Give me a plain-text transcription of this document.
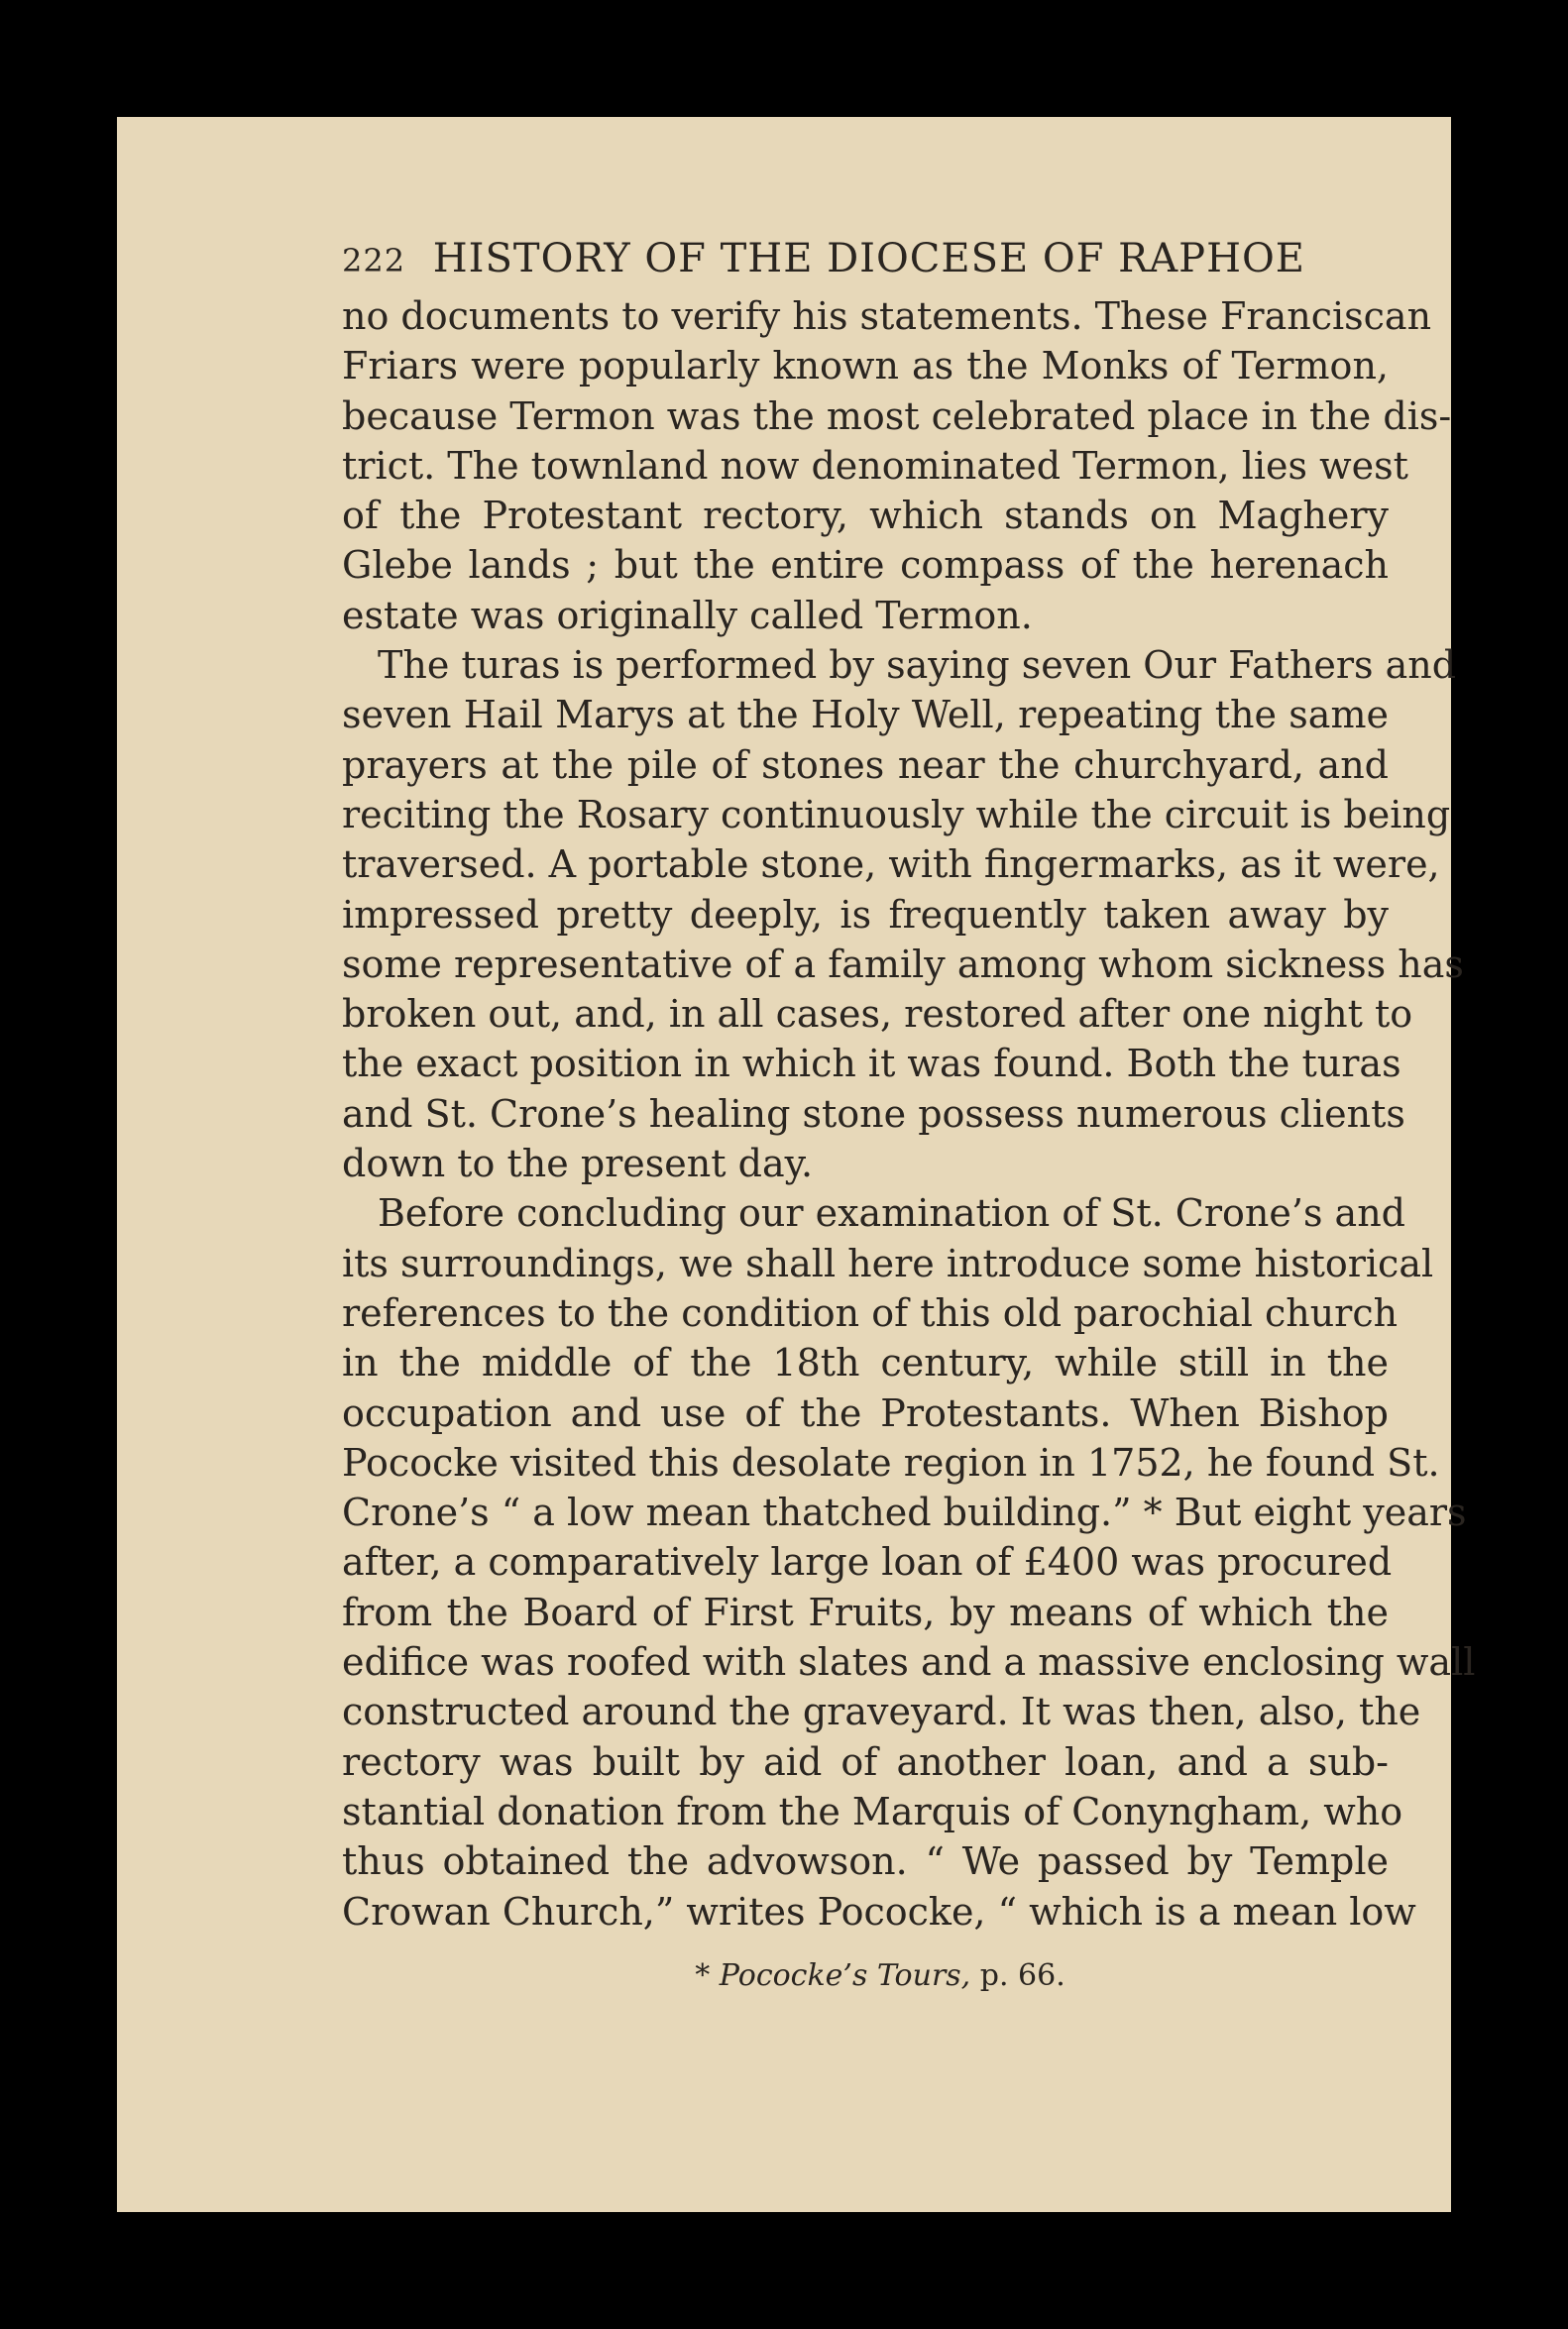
222 HISTORY OF THE DIOCESE OF RAPHOE
no documents to verify his statements. These Franciscan
Friars were popularly known as the Monks of Termon,
because Termon was the most celebrated place in the dis-
trict. The townland now denominated Termon, lies west
of the Protestant rectory, which stands on Maghery
Glebe lands ; but the entire compass of the herenach
estate was originally called Termon.
The turas is performed by saying seven Our Fathers and
seven Hail Marys at the Holy Well, repeating the same
prayers at the pile of stones near the churchyard, and
reciting the Rosary continuously while the circuit is being
traversed. A portable stone, with fingermarks, as it were,
impressed pretty deeply, is frequently taken away by
some representative of a family among whom sickness has
broken out, and, in all cases, restored after one night to
the exact position in which it was found. Both the turas
and St. Crone’s healing stone possess numerous clients
down to the present day.
Before concluding our examination of St. Crone’s and
its surroundings, we shall here introduce some historical
references to the condition of this old parochial church
in the middle of the 18th century, while still in the
occupation and use of the Protestants. When Bishop
Pococke visited this desolate region in 1752, he found St.
Crone’s “ a low mean thatched building.” * But eight years
after, a comparatively large loan of £400 was procured
from the Board of First Fruits, by means of which the
edifice was roofed with slates and a massive enclosing wall
constructed around the graveyard. It was then, also, the
rectory was built by aid of another loan, and a sub-
stantial donation from the Marquis of Conyngham, who
thus obtained the advowson. “ We passed by Temple
Crowan Church,” writes Pococke, “ which is a mean low
* Pococke’s Tours, p. 66.
